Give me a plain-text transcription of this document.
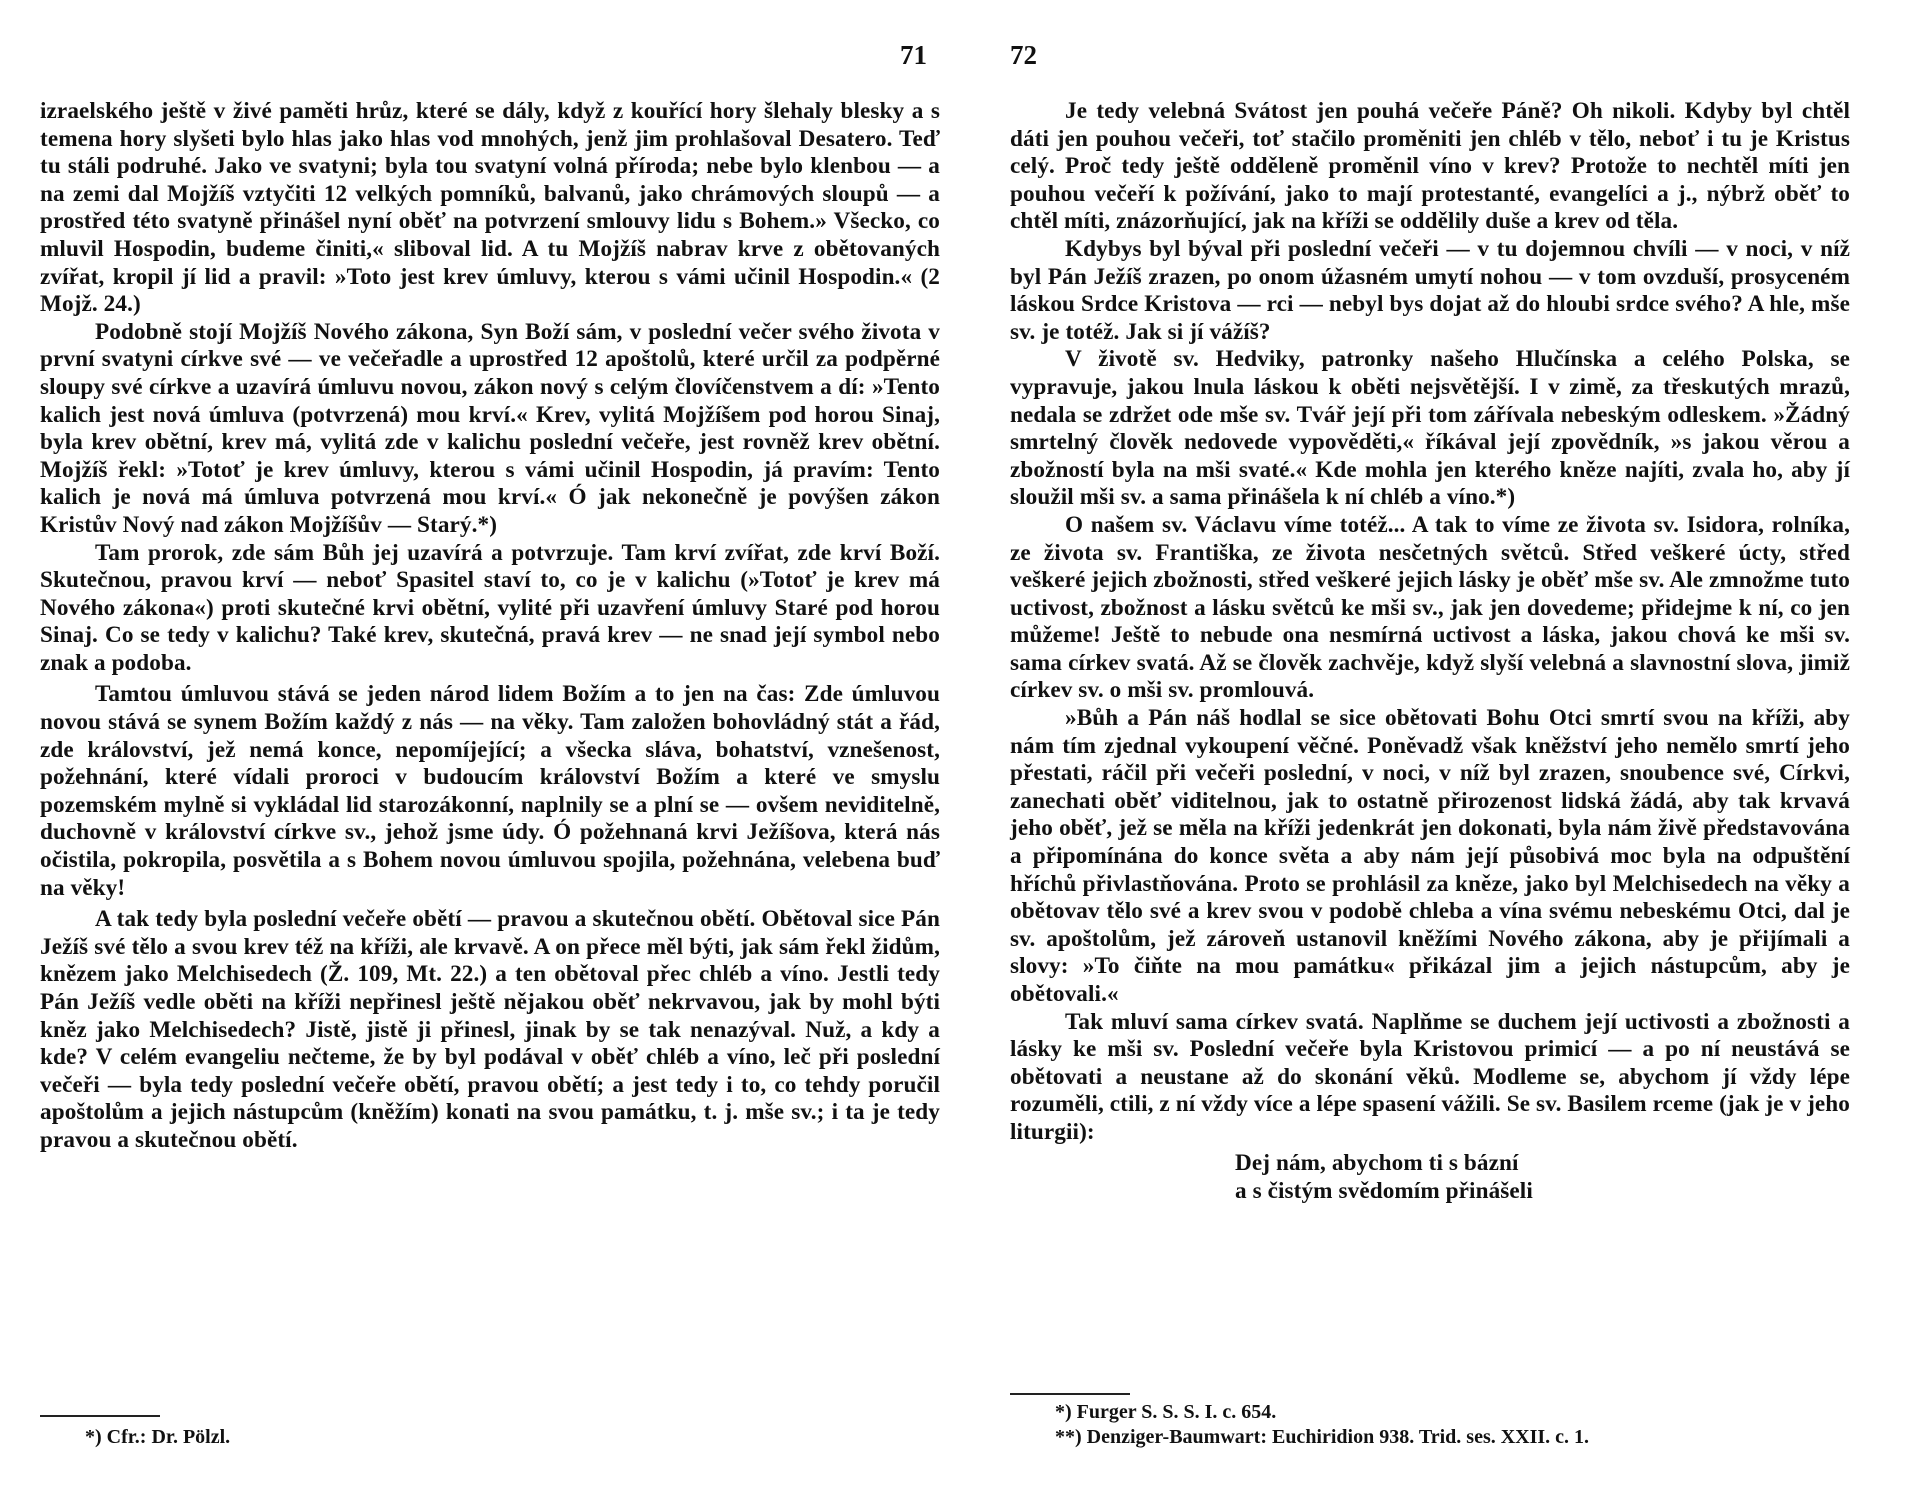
71

izraelského ještě v živé paměti hrůz, které se dály, když z kouřící hory šlehaly blesky a s temena hory slyšeti bylo hlas jako hlas vod mnohých, jenž jim prohlašoval Desatero. Teď tu stáli podruhé. Jako ve svatyni; byla tou svatyní volná příroda; nebe bylo klenbou — a na zemi dal Mojžíš vztyčiti 12 velkých pomníků, balvanů, jako chrámových sloupů — a prostřed této svatyně přinášel nyní oběť na potvrzení smlouvy lidu s Bohem.» Všecko, co mluvil Hospodin, budeme činiti,« sliboval lid. A tu Mojžíš nabrav krve z obětovaných zvířat, kropil jí lid a pravil: »Toto jest krev úmluvy, kterou s vámi učinil Hospodin.« (2 Mojž. 24.)

Podobně stojí Mojžíš Nového zákona, Syn Boží sám, v poslední večer svého života v první svatyni církve své — ve večeřadle a uprostřed 12 apoštolů, které určil za podpěrné sloupy své církve a uzavírá úmluvu novou, zákon nový s celým človíčenstvem a dí: »Tento kalich jest nová úmluva (potvrzená) mou krví.« Krev, vylitá Mojžíšem pod horou Sinaj, byla krev obětní, krev má, vylitá zde v kalichu poslední večeře, jest rovněž krev obětní. Mojžíš řekl: »Totoť je krev úmluvy, kterou s vámi učinil Hospodin, já pravím: Tento kalich je nová má úmluva potvrzená mou krví.« Ó jak nekonečně je povýšen zákon Kristův Nový nad zákon Mojžíšův — Starý.*)

Tam prorok, zde sám Bůh jej uzavírá a potvrzuje. Tam krví zvířat, zde krví Boží. Skutečnou, pravou krví — neboť Spasitel staví to, co je v kalichu (»Totoť je krev má Nového zákona«) proti skutečné krvi obětní, vylité při uzavření úmluvy Staré pod horou Sinaj. Co se tedy v kalichu? Také krev, skutečná, pravá krev — ne snad její symbol nebo znak a podoba.

Tamtou úmluvou stává se jeden národ lidem Božím a to jen na čas: Zde úmluvou novou stává se synem Božím každý z nás — na věky. Tam založen bohovládný stát a řád, zde království, jež nemá konce, nepomíjející; a všecka sláva, bohatství, vznešenost, požehnání, které vídali proroci v budoucím království Božím a které ve smyslu pozemském mylně si vykládal lid starozákonní, naplnily se a plní se — ovšem neviditelně, duchovně v království církve sv., jehož jsme údy. Ó požehnaná krvi Ježíšova, která nás očistila, pokropila, posvětila a s Bohem novou úmluvou spojila, požehnána, velebena buď na věky!

A tak tedy byla poslední večeře obětí — pravou a skutečnou obětí. Obětoval sice Pán Ježíš své tělo a svou krev též na kříži, ale krvavě. A on přece měl býti, jak sám řekl židům, knězem jako Melchisedech (Ž. 109, Mt. 22.) a ten obětoval přec chléb a víno. Jestli tedy Pán Ježíš vedle oběti na kříži nepřinesl ještě nějakou oběť nekrvavou, jak by mohl býti kněz jako Melchisedech? Jistě, jistě ji přinesl, jinak by se tak nenazýval. Nuž, a kdy a kde? V celém evangeliu nečteme, že by byl podával v oběť chléb a víno, leč při poslední večeři — byla tedy poslední večeře obětí, pravou obětí; a jest tedy i to, co tehdy poručil apoštolům a jejich nástupcům (kněžím) konati na svou památku, t. j. mše sv.; i ta je tedy pravou a skutečnou obětí.

*) Cfr.: Dr. Pölzl.
72

Je tedy velebná Svátost jen pouhá večeře Páně? Oh nikoli. Kdyby byl chtěl dáti jen pouhou večeři, toť stačilo proměniti jen chléb v tělo, neboť i tu je Kristus celý. Proč tedy ještě odděleně proměnil víno v krev? Protože to nechtěl míti jen pouhou večeří k požívání, jako to mají protestanté, evangelíci a j., nýbrž oběť to chtěl míti, znázorňující, jak na kříži se oddělily duše a krev od těla.

Kdybys byl býval při poslední večeři — v tu dojemnou chvíli — v noci, v níž byl Pán Ježíš zrazen, po onom úžasném umytí nohou — v tom ovzduší, prosyceném láskou Srdce Kristova — rci — nebyl bys dojat až do hloubi srdce svého? A hle, mše sv. je totéž. Jak si jí vážíš?

V životě sv. Hedviky, patronky našeho Hlučínska a celého Polska, se vypravuje, jakou lnula láskou k oběti nejsvětější. I v zimě, za třeskutých mrazů, nedala se zdržet ode mše sv. Tvář její při tom zářívala nebeským odleskem. »Žádný smrtelný člověk nedovede vypověděti,« říkával její zpovědník, »s jakou věrou a zbožností byla na mši svaté.« Kde mohla jen kterého kněze najíti, zvala ho, aby jí sloužil mši sv. a sama přinášela k ní chléb a víno.*)

O našem sv. Václavu víme totéž... A tak to víme ze života sv. Isidora, rolníka, ze života sv. Františka, ze života nesčetných světců. Střed veškeré úcty, střed veškeré jejich zbožnosti, střed veškeré jejich lásky je oběť mše sv. Ale zmnožme tuto uctivost, zbožnost a lásku světců ke mši sv., jak jen dovedeme; přidejme k ní, co jen můžeme! Ještě to nebude ona nesmírná uctivost a láska, jakou chová ke mši sv. sama církev svatá. Až se člověk zachvěje, když slyší velebná a slavnostní slova, jimiž církev sv. o mši sv. promlouvá.

»Bůh a Pán náš hodlal se sice obětovati Bohu Otci smrtí svou na kříži, aby nám tím zjednal vykoupení věčné. Poněvadž však kněžství jeho nemělo smrtí jeho přestati, ráčil při večeři poslední, v noci, v níž byl zrazen, snoubence své, Církvi, zanechati oběť viditelnou, jak to ostatně přirozenost lidská žádá, aby tak krvavá jeho oběť, jež se měla na kříži jedenkrát jen dokonati, byla nám živě představována a připomínána do konce světa a aby nám její působivá moc byla na odpuštění hříchů přivlastňována. Proto se prohlásil za kněze, jako byl Melchisedech na věky a obětovav tělo své a krev svou v podobě chleba a vína svému nebeskému Otci, dal je sv. apoštolům, jež zároveň ustanovil kněžími Nového zákona, aby je přijímali a slovy: »To čiňte na mou památku« přikázal jim a jejich nástupcům, aby je obětovali.«

Tak mluví sama církev svatá. Naplňme se duchem její uctivosti a zbožnosti a lásky ke mši sv. Poslední večeře byla Kristovou primicí — a po ní neustává se obětovati a neustane až do skonání věků. Modleme se, abychom jí vždy lépe rozuměli, ctili, z ní vždy více a lépe spasení vážili. Se sv. Basilem rceme (jak je v jeho liturgii):

Dej nám, abychom ti s bázní
a s čistým svědomím přinášeli
*) Furger S. S. S. I. c. 654.
**) Denziger-Baumwart: Euchiridion 938. Trid. ses. XXII. c. 1.
